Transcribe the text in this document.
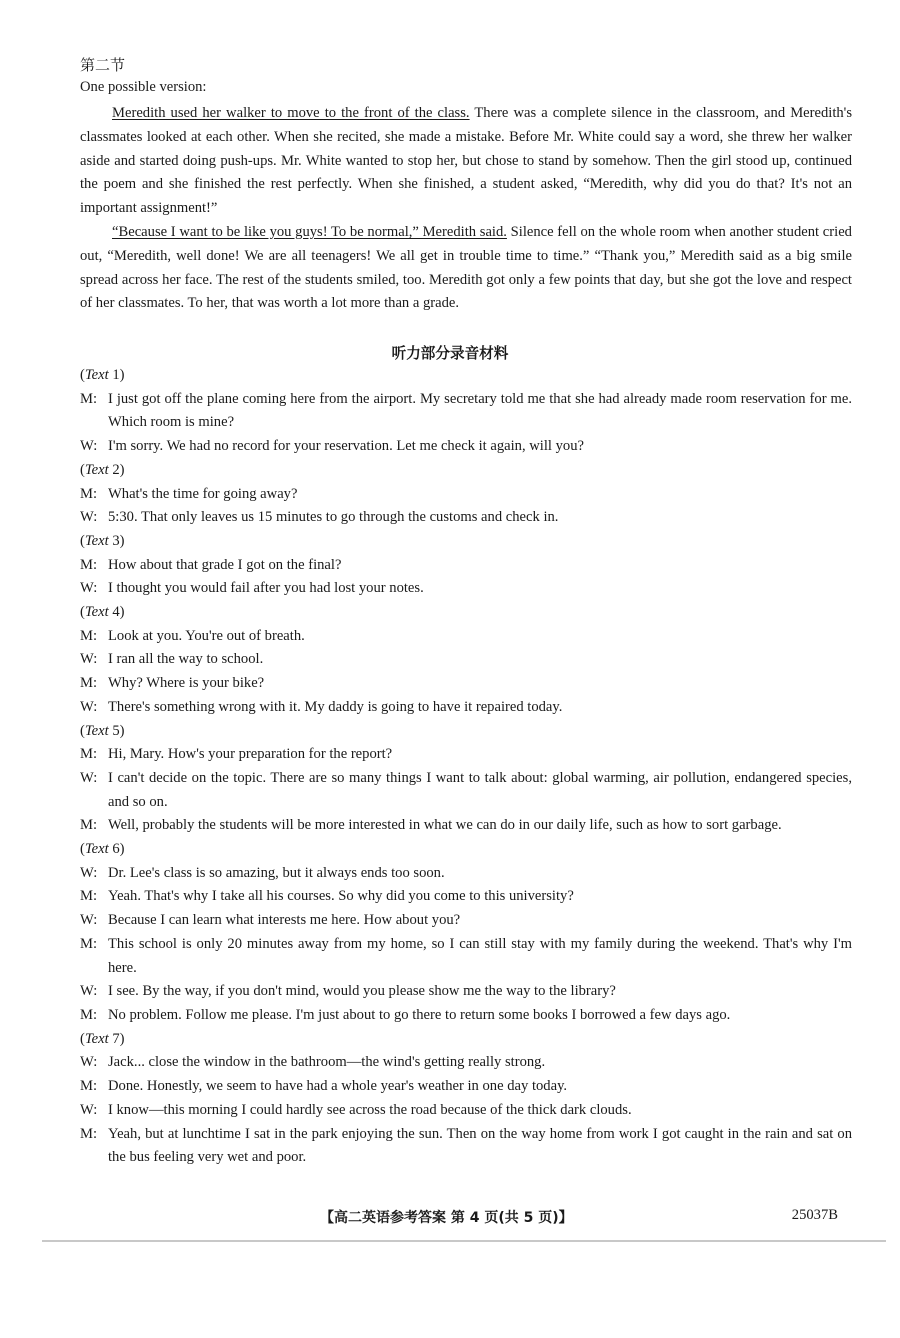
第二节
One possible version:

Meredith used her walker to move to the front of the class. There was a complete silence in the classroom, and Meredith's classmates looked at each other. When she recited, she made a mistake. Before Mr. White could say a word, she threw her walker aside and started doing push-ups. Mr. White wanted to stop her, but chose to stand by somehow. Then the girl stood up, continued the poem and she finished the rest perfectly. When she finished, a student asked, “Meredith, why did you do that? It's not an important assignment!”

“Because I want to be like you guys! To be normal,” Meredith said. Silence fell on the whole room when another student cried out, “Meredith, well done! We are all teenagers! We all get in trouble time to time.” “Thank you,” Meredith said as a big smile spread across her face. The rest of the students smiled, too. Meredith got only a few points that day, but she got the love and respect of her classmates. To her, that was worth a lot more than a grade.

听力部分录音材料

(Text 1)

M: I just got off the plane coming here from the airport. My secretary told me that she had already made room reservation for me. Which room is mine?

W: I'm sorry. We had no record for your reservation. Let me check it again, will you?

(Text 2)

M: What's the time for going away?

W: 5:30. That only leaves us 15 minutes to go through the customs and check in.

(Text 3)

M: How about that grade I got on the final?

W: I thought you would fail after you had lost your notes.

(Text 4)

M: Look at you. You're out of breath.

W: I ran all the way to school.

M: Why? Where is your bike?

W: There's something wrong with it. My daddy is going to have it repaired today.

(Text 5)

M: Hi, Mary. How's your preparation for the report?

W: I can't decide on the topic. There are so many things I want to talk about: global warming, air pollution, endangered species, and so on.

M: Well, probably the students will be more interested in what we can do in our daily life, such as how to sort garbage.

(Text 6)

W: Dr. Lee's class is so amazing, but it always ends too soon.

M: Yeah. That's why I take all his courses. So why did you come to this university?

W: Because I can learn what interests me here. How about you?

M: This school is only 20 minutes away from my home, so I can still stay with my family during the weekend. That's why I'm here.

W: I see. By the way, if you don't mind, would you please show me the way to the library?

M: No problem. Follow me please. I'm just about to go there to return some books I borrowed a few days ago.

(Text 7)

W: Jack... close the window in the bathroom—the wind's getting really strong.

M: Done. Honestly, we seem to have had a whole year's weather in one day today.

W: I know—this morning I could hardly see across the road because of the thick dark clouds.

M: Yeah, but at lunchtime I sat in the park enjoying the sun. Then on the way home from work I got caught in the rain and sat on the bus feeling very wet and poor.

【高二英语参考答案 第 4 页(共 5 页)】	25037B
